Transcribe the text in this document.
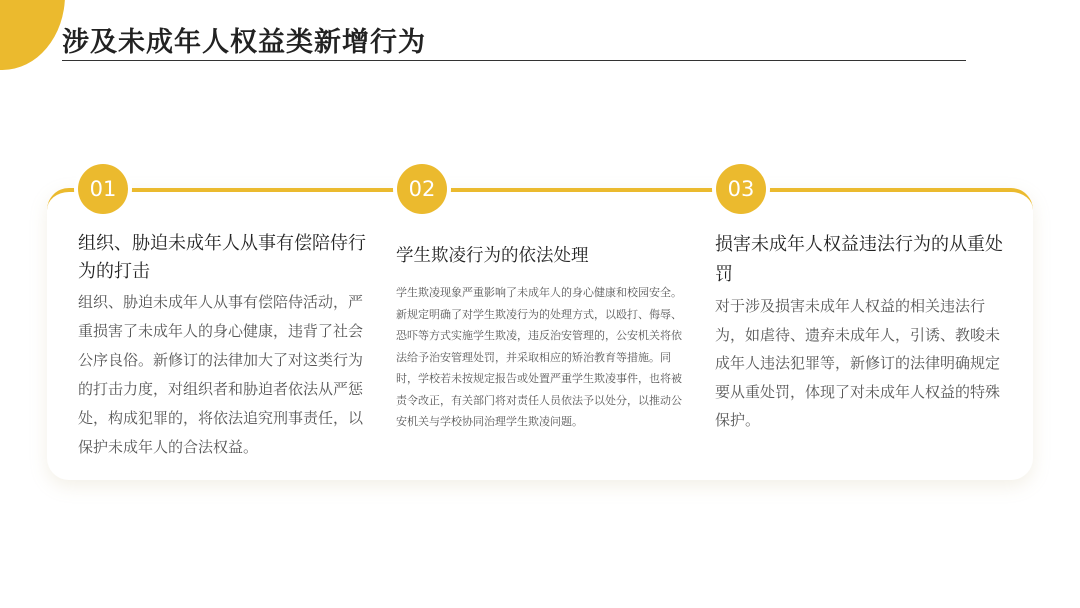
涉及未成年人权益类新增行为
01	02	03
组织、胁迫未成年人从事有偿陪侍行为的打击

组织、胁迫未成年人从事有偿陪侍活动，严重损害了未成年人的身心健康，违背了社会公序良俗。新修订的法律加大了对这类行为的打击力度，对组织者和胁迫者依法从严惩处，构成犯罪的，将依法追究刑事责任，以保护未成年人的合法权益。

学生欺凌行为的依法处理

学生欺凌现象严重影响了未成年人的身心健康和校园安全。新规定明确了对学生欺凌行为的处理方式，以殴打、侮辱、恐吓等方式实施学生欺凌，违反治安管理的，公安机关将依法给予治安管理处罚，并采取相应的矫治教育等措施。同时，学校若未按规定报告或处置严重学生欺凌事件，也将被责令改正，有关部门将对责任人员依法予以处分，以推动公安机关与学校协同治理学生欺凌问题。

损害未成年人权益违法行为的从重处罚

对于涉及损害未成年人权益的相关违法行为，如虐待、遗弃未成年人，引诱、教唆未成年人违法犯罪等，新修订的法律明确规定要从重处罚，体现了对未成年人权益的特殊保护。
